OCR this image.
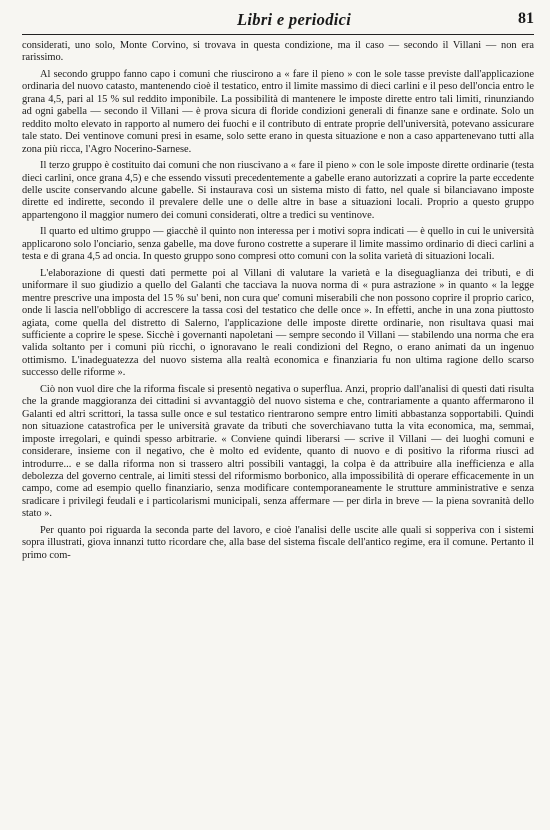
Libri e periodici	81

considerati, uno solo, Monte Corvino, si trovava in questa condizione, ma il caso — secondo il Villani — non era rarissimo.

Al secondo gruppo fanno capo i comuni che riuscirono a « fare il pieno » con le sole tasse previste dall'applicazione ordinaria del nuovo catasto, mantenendo cioè il testatico, entro il limite massimo di dieci carlini e il peso dell'oncia entro le grana 4,5, pari al 15 % sul reddito imponibile. La possibilità di mantenere le imposte dirette entro tali limiti, rinunziando ad ogni gabella — secondo il Villani — è prova sicura di floride condizioni generali di finanze sane e ordinate. Solo un reddito molto elevato in rapporto al numero dei fuochi e il contributo di entrate proprie dell'università, potevano assicurare tale stato. Dei ventinove comuni presi in esame, solo sette erano in questa situazione e non a caso appartenevano tutti alla zona più ricca, l'Agro Nocerino-Sarnese.

Il terzo gruppo è costituito dai comuni che non riuscivano a « fare il pieno » con le sole imposte dirette ordinarie (testa dieci carlini, once grana 4,5) e che essendo vissuti precedentemente a gabelle erano autorizzati a coprire la parte eccedente delle uscite conservando alcune gabelle. Si instaurava così un sistema misto di fatto, nel quale si bilanciavano imposte dirette ed indirette, secondo il prevalere delle une o delle altre in base a situazioni locali. Proprio a questo gruppo appartengono il maggior numero dei comuni considerati, oltre a tredici su ventinove.

Il quarto ed ultimo gruppo — giacchè il quinto non interessa per i motivi sopra indicati — è quello in cui le università applicarono solo l'onciario, senza gabelle, ma dove furono costrette a superare il limite massimo ordinario di dieci carlini a testa e di grana 4,5 ad oncia. In questo gruppo sono compresi otto comuni con la solita varietà di situazioni locali.

L'elaborazione di questi dati permette poi al Villani di valutare la varietà e la diseguaglianza dei tributi, e di uniformare il suo giudizio a quello del Galanti che tacciava la nuova norma di « pura astrazione » in quanto « la legge mentre prescrive una imposta del 15 % su' beni, non cura que' comuni miserabili che non possono coprire il proprio carico, onde li lascia nell'obbligo di accrescere la tassa così del testatico che delle once ». In effetti, anche in una zona piuttosto agiata, come quella del distretto di Salerno, l'applicazione delle imposte dirette ordinarie, non risultava quasi mai sufficiente a coprire le spese. Sicchè i governanti napoletani — sempre secondo il Villani — stabilendo una norma che era valida soltanto per i comuni più ricchi, o ignoravano le reali condizioni del Regno, o erano animati da un ingenuo ottimismo. L'inadeguatezza del nuovo sistema alla realtà economica e finanziaria fu non ultima ragione dello scarso successo delle riforme ».

Ciò non vuol dire che la riforma fiscale si presentò negativa o superflua. Anzi, proprio dall'analisi di questi dati risulta che la grande maggioranza dei cittadini si avvantaggiò del nuovo sistema e che, contrariamente a quanto affermarono il Galanti ed altri scrittori, la tassa sulle once e sul testatico rientrarono sempre entro limiti abbastanza sopportabili. Quindi non situazione catastrofica per le università gravate da tributi che soverchiavano tutta la vita economica, ma, semmai, imposte irregolari, e quindi spesso arbitrarie. « Conviene quindi liberarsi — scrive il Villani — dei luoghi comuni e considerare, insieme con il negativo, che è molto ed evidente, quanto di nuovo e di positivo la riforma riuscì ad introdurre... e se dalla riforma non si trassero altri possibili vantaggi, la colpa è da attribuire alla inefficienza e alla debolezza del governo centrale, ai limiti stessi del riformismo borbonico, alla impossibilità di operare efficacemente in un campo, come ad esempio quello finanziario, senza modificare contemporaneamente le strutture amministrative e senza sradicare i privilegi feudali e i particolarismi municipali, senza affermare — per dirla in breve — la piena sovranità dello stato ».

Per quanto poi riguarda la seconda parte del lavoro, e cioè l'analisi delle uscite alle quali si sopperiva con i sistemi sopra illustrati, giova innanzi tutto ricordare che, alla base del sistema fiscale dell'antico regime, era il comune. Pertanto il primo com-
